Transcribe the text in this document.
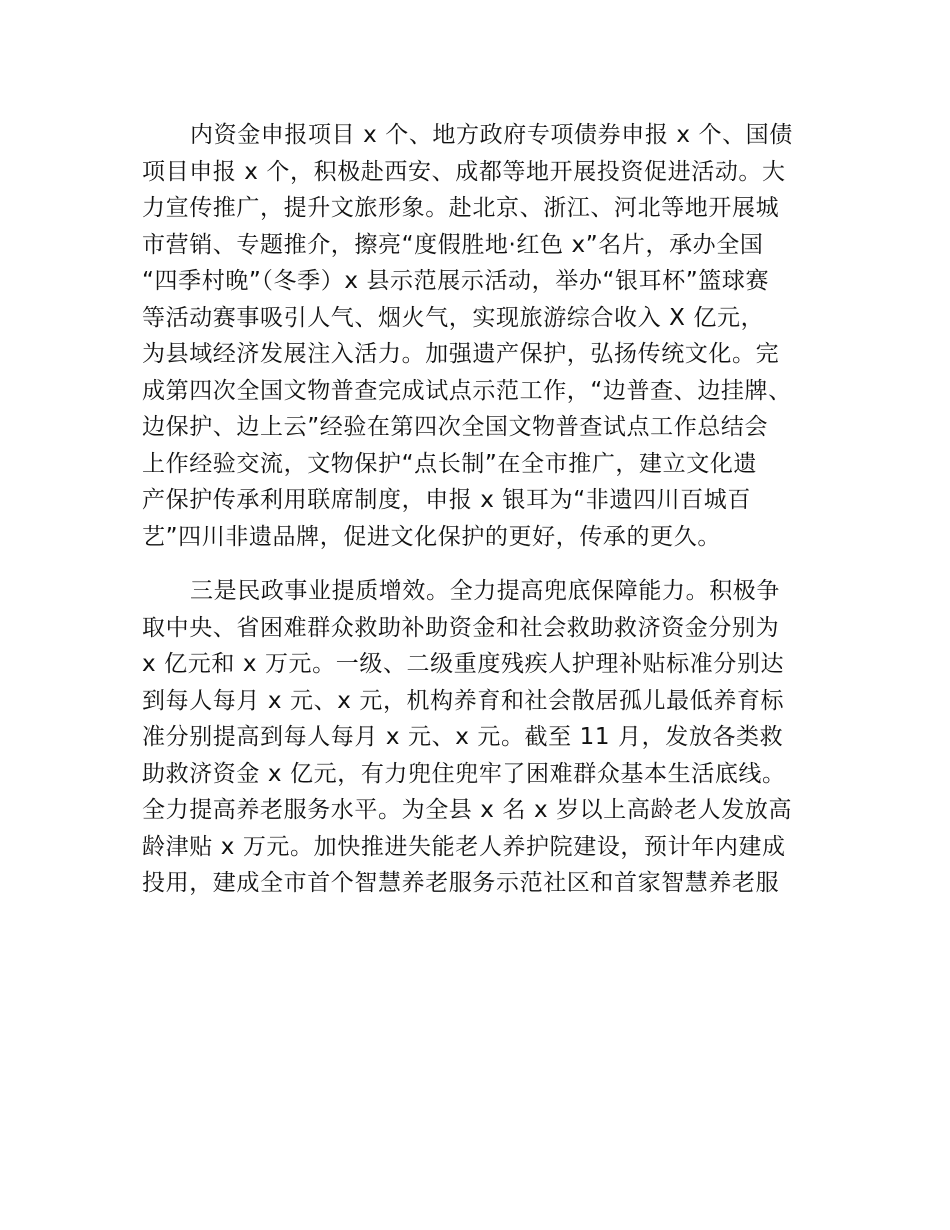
内资金申报项目 x 个、地方政府专项债券申报 x 个、国债
项目申报 x 个，积极赴西安、成都等地开展投资促进活动。大
力宣传推广，提升文旅形象。赴北京、浙江、河北等地开展城
市营销、专题推介，擦亮“度假胜地·红色 x”名片，承办全国
“四季村晚”（冬季）x 县示范展示活动，举办“银耳杯”篮球赛
等活动赛事吸引人气、烟火气，实现旅游综合收入 X 亿元，
为县域经济发展注入活力。加强遗产保护，弘扬传统文化。完
成第四次全国文物普查完成试点示范工作，“边普查、边挂牌、
边保护、边上云”经验在第四次全国文物普查试点工作总结会
上作经验交流，文物保护“点长制”在全市推广，建立文化遗
产保护传承利用联席制度，申报 x 银耳为“非遗四川百城百
艺”四川非遗品牌，促进文化保护的更好，传承的更久。
三是民政事业提质增效。全力提高兜底保障能力。积极争
取中央、省困难群众救助补助资金和社会救助救济资金分别为
x 亿元和 x 万元。一级、二级重度残疾人护理补贴标准分别达
到每人每月 x 元、x 元，机构养育和社会散居孤儿最低养育标
准分别提高到每人每月 x 元、x 元。截至 11 月，发放各类救
助救济资金 x 亿元，有力兜住兜牢了困难群众基本生活底线。
全力提高养老服务水平。为全县 x 名 x 岁以上高龄老人发放高
龄津贴 x 万元。加快推进失能老人养护院建设，预计年内建成
投用，建成全市首个智慧养老服务示范社区和首家智慧养老服
